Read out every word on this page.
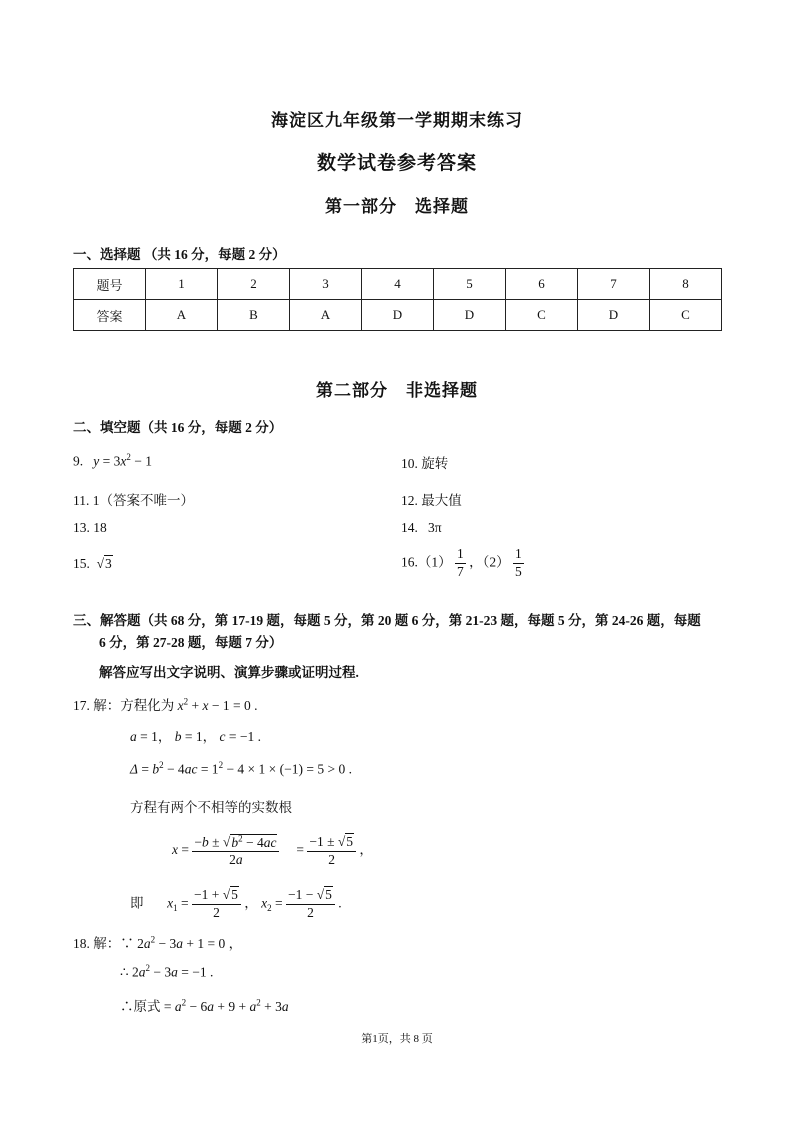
海淀区九年级第一学期期末练习
数学试卷参考答案
第一部分　选择题
一、选择题 （共 16 分，每题 2 分）
题号	1	2	3	4	5	6	7	8
答案	A	B	A	D	D	C	D	C
第二部分　非选择题
二、填空题（共 16 分，每题 2 分）
9. $y = 3x^2 - 1$	10. 旋转
11. 1（答案不唯一）	12. 最大值
13. 18	14. 3π
15.  √3	$16.(1) \frac{1}{7}$ ，$(2) \frac{1}{5}$
三、解答题（共 68 分，第 17-19 题，每题 5 分，第 20 题 6 分，第 21-23 题，每题 5 分，第 24-26 题，每题
6 分，第 27-28 题，每题 7 分）
解答应写出文字说明、演算步骤或证明过程.
17. 解：方程化为 $x^2 + x - 1 = 0$ .
a = 1， b = 1， c = −1 .
$\Delta = b^2 - 4ac = 1^2 - 4 \times 1 \times (-1) = 5 > 0$ .
方程有两个不相等的实数根
$x = \frac{-b \pm √b^2 - 4ac}{2a} = \frac{-1 \pm √5}{2}$ ，
即 $x_1 = \frac{-1 + √5}{2}$ ， $x_2 = \frac{-1 - √5}{2}$ .
18. 解：∵ $2a^2 - 3a + 1 = 0$ ，
∴ $2a^2 - 3a = -1$ .
∴原式 = $a^2 - 6a + 9 + a^2 + 3a$
第1页，共 8 页
